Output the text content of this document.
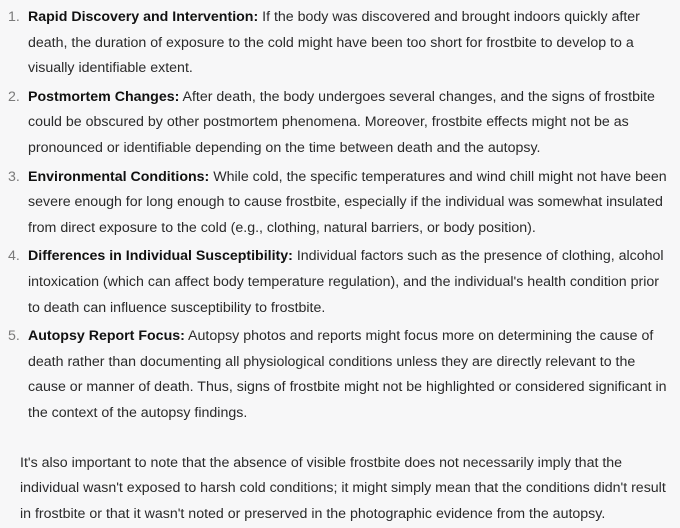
1. Rapid Discovery and Intervention: If the body was discovered and brought indoors quickly after death, the duration of exposure to the cold might have been too short for frostbite to develop to a visually identifiable extent.
2. Postmortem Changes: After death, the body undergoes several changes, and the signs of frostbite could be obscured by other postmortem phenomena. Moreover, frostbite effects might not be as pronounced or identifiable depending on the time between death and the autopsy.
3. Environmental Conditions: While cold, the specific temperatures and wind chill might not have been severe enough for long enough to cause frostbite, especially if the individual was somewhat insulated from direct exposure to the cold (e.g., clothing, natural barriers, or body position).
4. Differences in Individual Susceptibility: Individual factors such as the presence of clothing, alcohol intoxication (which can affect body temperature regulation), and the individual's health condition prior to death can influence susceptibility to frostbite.
5. Autopsy Report Focus: Autopsy photos and reports might focus more on determining the cause of death rather than documenting all physiological conditions unless they are directly relevant to the cause or manner of death. Thus, signs of frostbite might not be highlighted or considered significant in the context of the autopsy findings.

It's also important to note that the absence of visible frostbite does not necessarily imply that the individual wasn't exposed to harsh cold conditions; it might simply mean that the conditions didn't result in frostbite or that it wasn't noted or preserved in the photographic evidence from the autopsy.
